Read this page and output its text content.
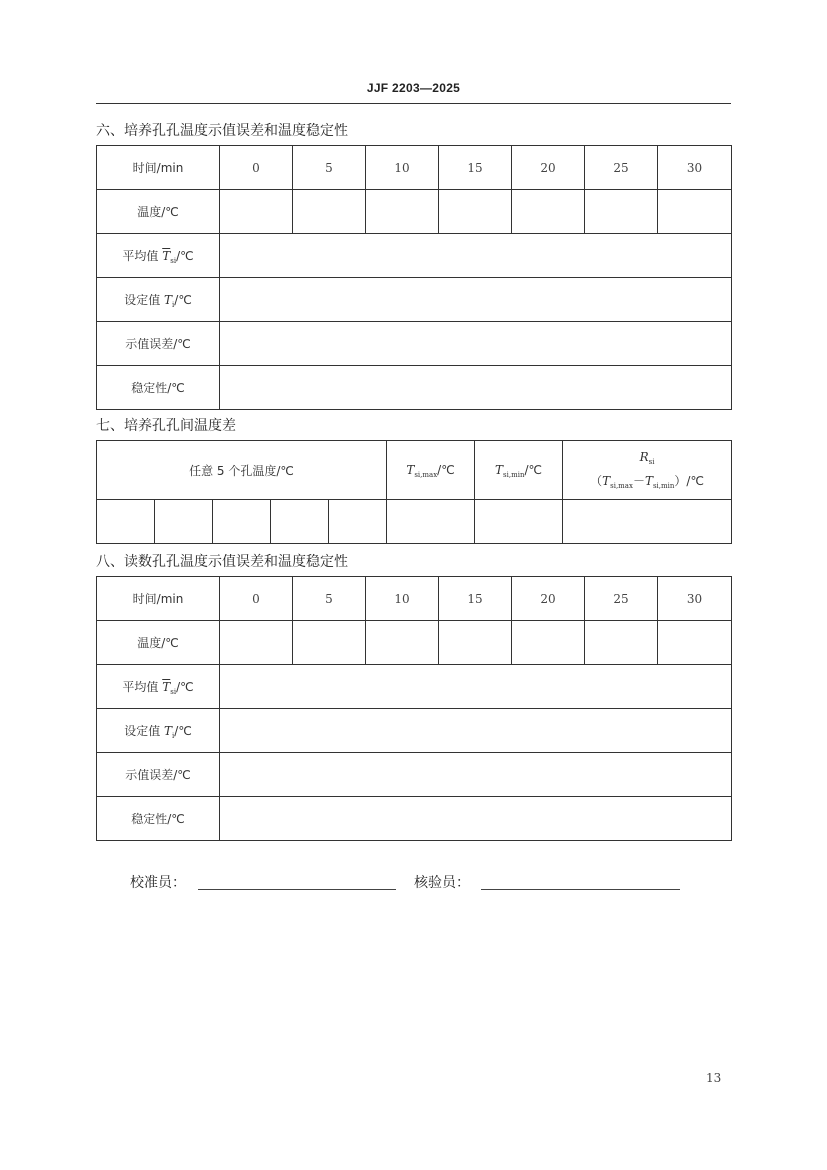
JJF 2203—2025
六、培养孔孔温度示值误差和温度稳定性
时间/min	0	5	10	15	20	25	30
温度/℃							
平均值 $\overline{T}_{si}/℃$							
设定值 $T_i/℃$							
示值误差/℃							
稳定性/℃							
七、培养孔孔间温度差
任意 5 个孔温度/℃					$T_{si,max}/℃$	$T_{si,min}/℃$	$R_{si}$
$(T_{si,max}-T_{si,min})/℃$

八、读数孔孔温度示值误差和温度稳定性
时间/min	0	5	10	15	20	25	30
温度/℃							
平均值 $\overline{T}_{si}/℃$							
设定值 $T_i/℃$							
示值误差/℃							
稳定性/℃							
校准员：	核验员：
13
